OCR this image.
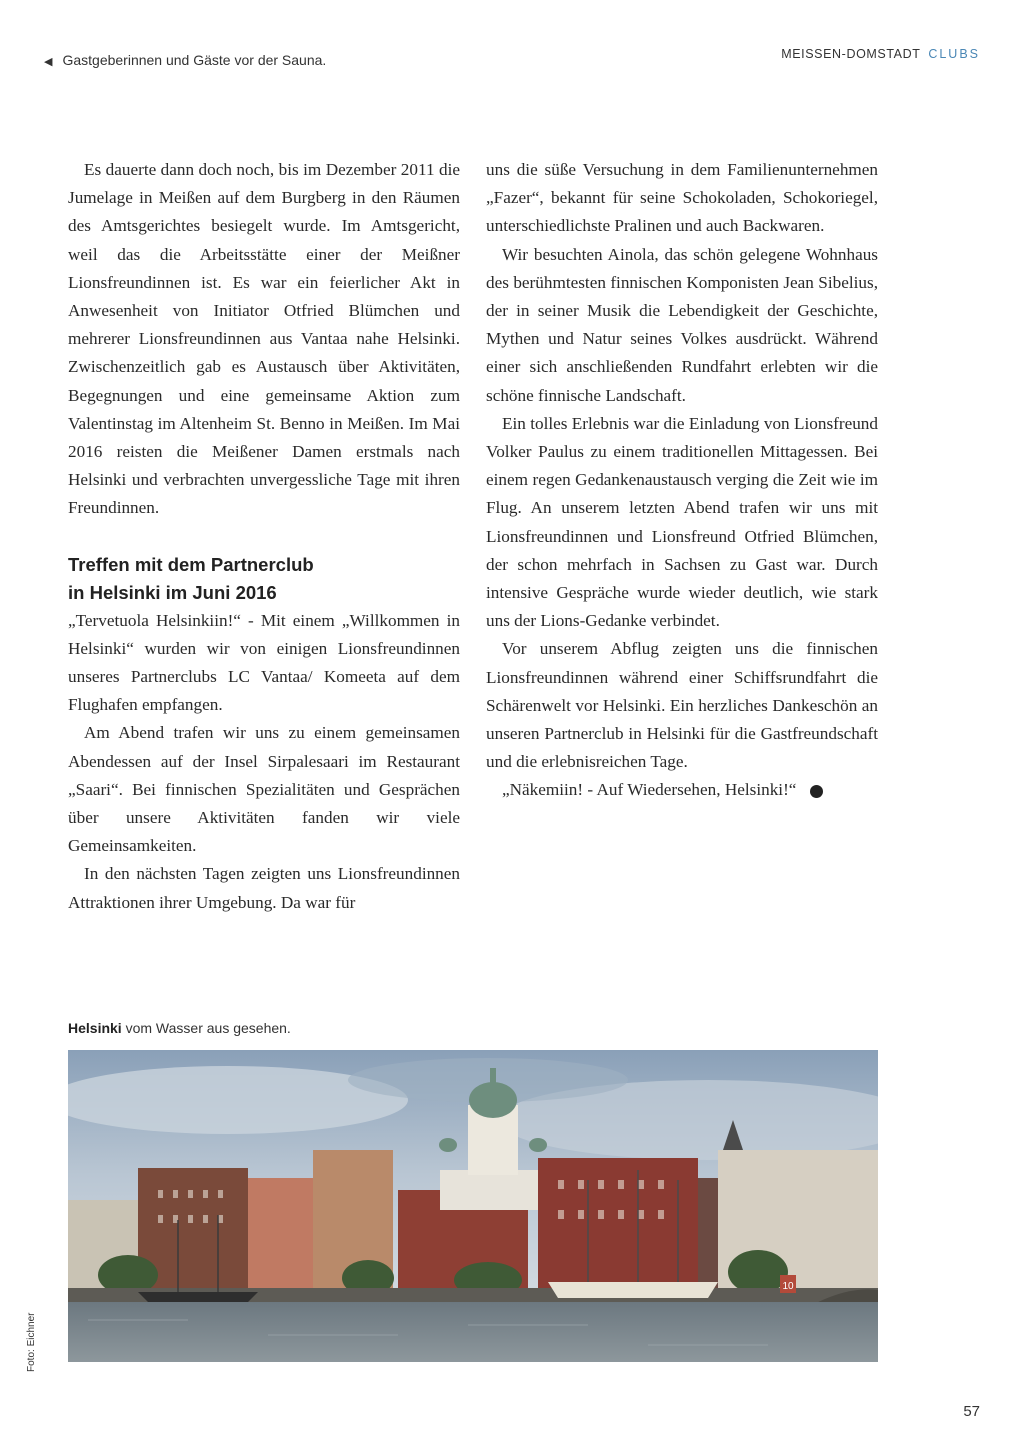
◀ Gastgeberinnen und Gäste vor der Sauna.	MEISSEN-DOMSTADT CLUBS

Es dauerte dann doch noch, bis im Dezember 2011 die Jumelage in Meißen auf dem Burgberg in den Räumen des Amtsgerichtes besiegelt wurde. Im Amtsgericht, weil das die Arbeitsstätte einer der Meißner Lionsfreundinnen ist. Es war ein feierlicher Akt in Anwesenheit von Initiator Otfried Blümchen und mehrerer Lionsfreundinnen aus Vantaa nahe Helsinki. Zwischenzeitlich gab es Austausch über Aktivitäten, Begegnungen und eine gemeinsame Aktion zum Valentinstag im Altenheim St. Benno in Meißen. Im Mai 2016 reisten die Meißener Damen erstmals nach Helsinki und verbrachten unvergessliche Tage mit ihren Freundinnen.

Treffen mit dem Partnerclub
in Helsinki im Juni 2016

„Tervetuola Helsinkiin!“ - Mit einem „Willkommen in Helsinki“ wurden wir von einigen Lionsfreundinnen unseres Partnerclubs LC Vantaa/ Komeeta auf dem Flughafen empfangen.

Am Abend trafen wir uns zu einem gemeinsamen Abendessen auf der Insel Sirpalesaari im Restaurant „Saari“. Bei finnischen Spezialitäten und Gesprächen über unsere Aktivitäten fanden wir viele Gemeinsamkeiten.

In den nächsten Tagen zeigten uns Lionsfreundinnen Attraktionen ihrer Umgebung. Da war für

uns die süße Versuchung in dem Familienunternehmen „Fazer“, bekannt für seine Schokoladen, Schokoriegel, unterschiedlichste Pralinen und auch Backwaren.

Wir besuchten Ainola, das schön gelegene Wohnhaus des berühmtesten finnischen Komponisten Jean Sibelius, der in seiner Musik die Lebendigkeit der Geschichte, Mythen und Natur seines Volkes ausdrückt. Während einer sich anschließenden Rundfahrt erlebten wir die schöne finnische Landschaft.

Ein tolles Erlebnis war die Einladung von Lionsfreund Volker Paulus zu einem traditionellen Mittagessen. Bei einem regen Gedankenaustausch verging die Zeit wie im Flug. An unserem letzten Abend trafen wir uns mit Lionsfreundinnen und Lionsfreund Otfried Blümchen, der schon mehrfach in Sachsen zu Gast war. Durch intensive Gespräche wurde wieder deutlich, wie stark uns der Lions-Gedanke verbindet.

Vor unserem Abflug zeigten uns die finnischen Lionsfreundinnen während einer Schiffsrundfahrt die Schärenwelt vor Helsinki. Ein herzliches Dankeschön an unseren Partnerclub in Helsinki für die Gastfreundschaft und die erlebnisreichen Tage.

„Näkemiin! - Auf Wiedersehen, Helsinki!“	L

Helsinki vom Wasser aus gesehen.
10
Foto: Eichner
57
